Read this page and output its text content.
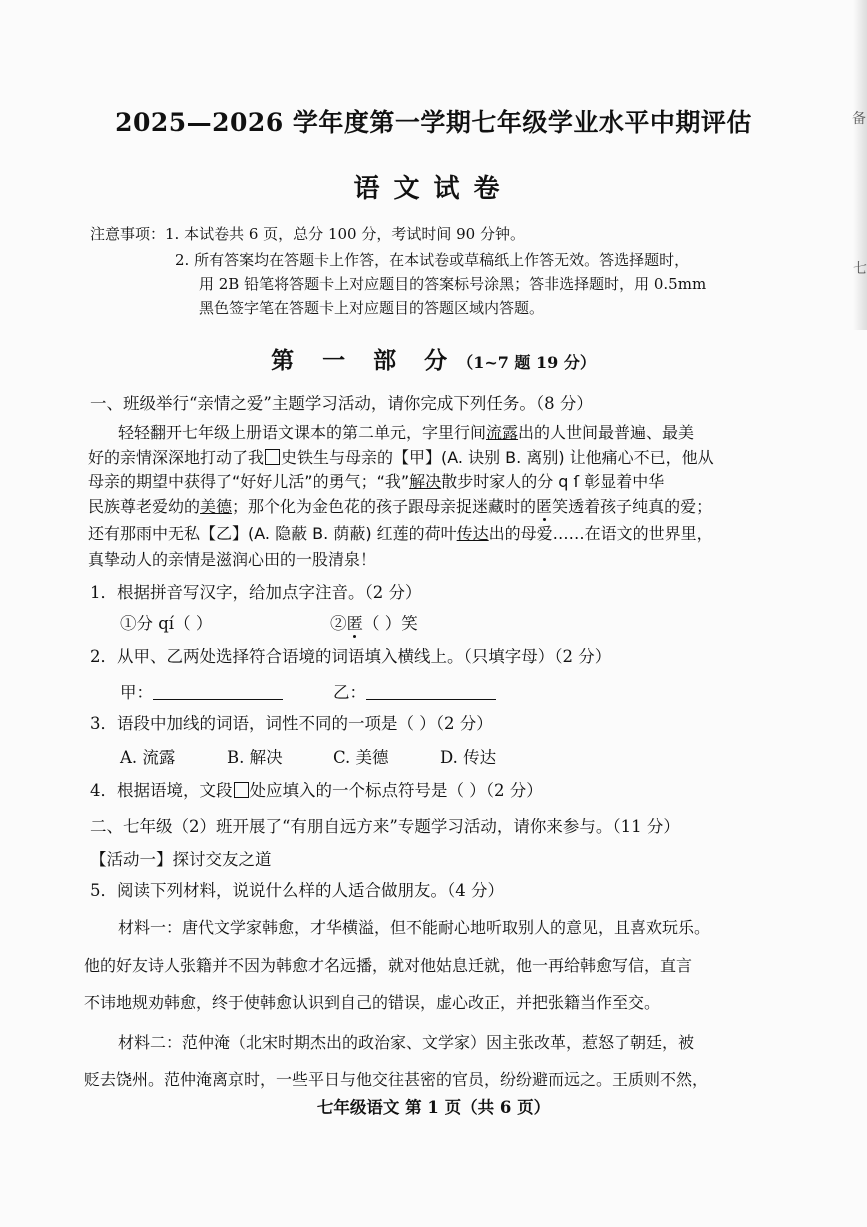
备
七
2025—2026 学年度第一学期七年级学业水平中期评估
语文试卷
注意事项：1. 本试卷共 6 页，总分 100 分，考试时间 90 分钟。
2. 所有答案均在答题卡上作答，在本试卷或草稿纸上作答无效。答选择题时，
用 2B 铅笔将答题卡上对应题目的答案标号涂黑；答非选择题时，用 0.5mm
黑色签字笔在答题卡上对应题目的答题区域内答题。
第 一 部 分（1~7 题 19 分）
一、班级举行“亲情之爱”主题学习活动，请你完成下列任务。（8 分）
轻轻翻开七年级上册语文课本的第二单元，字里行间流露出的人世间最普遍、最美
好的亲情深深地打动了我 史铁生与母亲的【甲】(A. 诀别 B. 离别) 让他痛心不已，他从
母亲的期望中获得了“好好儿活”的勇气；“我”解决散步时家人的分 q ſ 彰显着中华
民族尊老爱幼的美德；那个化为金色花的孩子跟母亲捉迷藏时的匿笑透着孩子纯真的爱；
还有那雨中无私【乙】(A. 隐蔽 B. 荫蔽) 红莲的荷叶传达出的母爱……在语文的世界里，
真挚动人的亲情是滋润心田的一股清泉！
1．根据拼音写汉字，给加点字注音。（2 分）
①分 qí（ ）	②匿（ ）笑
2．从甲、乙两处选择符合语境的词语填入横线上。（只填字母）（2 分）
甲：	乙：
3．语段中加线的词语，词性不同的一项是（ ）（2 分）
A. 流露	B. 解决	C. 美德	D. 传达
4．根据语境，文段 处应填入的一个标点符号是（ ）（2 分）
二、七年级（2）班开展了“有朋自远方来”专题学习活动，请你来参与。（11 分）
【活动一】探讨交友之道
5．阅读下列材料，说说什么样的人适合做朋友。（4 分）
材料一：唐代文学家韩愈，才华横溢，但不能耐心地听取别人的意见，且喜欢玩乐。
他的好友诗人张籍并不因为韩愈才名远播，就对他姑息迁就，他一再给韩愈写信，直言
不讳地规劝韩愈，终于使韩愈认识到自己的错误，虚心改正，并把张籍当作至交。
材料二：范仲淹（北宋时期杰出的政治家、文学家）因主张改革，惹怒了朝廷，被
贬去饶州。范仲淹离京时，一些平日与他交往甚密的官员，纷纷避而远之。王质则不然，
七年级语文 第 1 页（共 6 页）
